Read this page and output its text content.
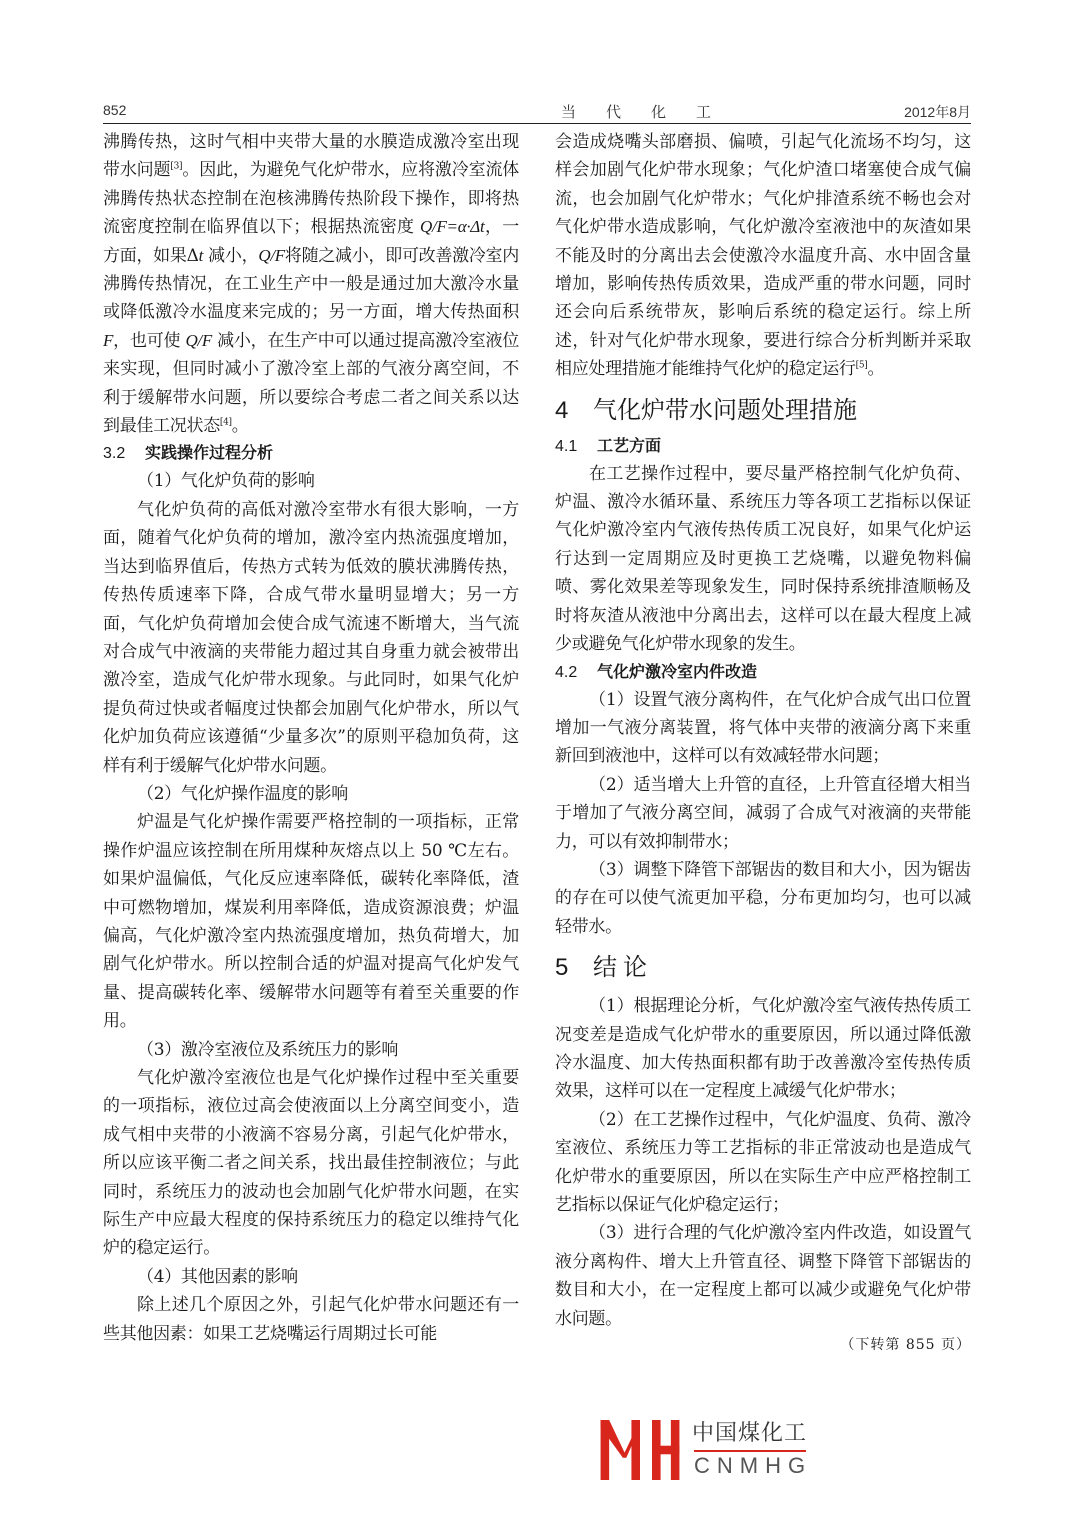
852	当代化工	2012年8月

沸腾传热，这时气相中夹带大量的水膜造成激冷室出现带水问题[3]。因此，为避免气化炉带水，应将激冷室流体沸腾传热状态控制在泡核沸腾传热阶段下操作，即将热流密度控制在临界值以下；根据热流密度 Q/F=α·Δt，一方面，如果Δt 减小，Q/F将随之减小，即可改善激冷室内沸腾传热情况，在工业生产中一般是通过加大激冷水量或降低激冷水温度来完成的；另一方面，增大传热面积 F，也可使 Q/F 减小，在生产中可以通过提高激冷室液位来实现，但同时减小了激冷室上部的气液分离空间，不利于缓解带水问题，所以要综合考虑二者之间关系以达到最佳工况状态[4]。

3.2 实践操作过程分析

（1）气化炉负荷的影响

气化炉负荷的高低对激冷室带水有很大影响，一方面，随着气化炉负荷的增加，激冷室内热流强度增加，当达到临界值后，传热方式转为低效的膜状沸腾传热，传热传质速率下降，合成气带水量明显增大；另一方面，气化炉负荷增加会使合成气流速不断增大，当气流对合成气中液滴的夹带能力超过其自身重力就会被带出激冷室，造成气化炉带水现象。与此同时，如果气化炉提负荷过快或者幅度过快都会加剧气化炉带水，所以气化炉加负荷应该遵循“少量多次”的原则平稳加负荷，这样有利于缓解气化炉带水问题。

（2）气化炉操作温度的影响

炉温是气化炉操作需要严格控制的一项指标，正常操作炉温应该控制在所用煤种灰熔点以上 50 ℃左右。如果炉温偏低，气化反应速率降低，碳转化率降低，渣中可燃物增加，煤炭利用率降低，造成资源浪费；炉温偏高，气化炉激冷室内热流强度增加，热负荷增大，加剧气化炉带水。所以控制合适的炉温对提高气化炉发气量、提高碳转化率、缓解带水问题等有着至关重要的作用。

（3）激冷室液位及系统压力的影响

气化炉激冷室液位也是气化炉操作过程中至关重要的一项指标，液位过高会使液面以上分离空间变小，造成气相中夹带的小液滴不容易分离，引起气化炉带水，所以应该平衡二者之间关系，找出最佳控制液位；与此同时，系统压力的波动也会加剧气化炉带水问题，在实际生产中应最大程度的保持系统压力的稳定以维持气化炉的稳定运行。

（4）其他因素的影响

除上述几个原因之外，引起气化炉带水问题还有一些其他因素：如果工艺烧嘴运行周期过长可能

会造成烧嘴头部磨损、偏喷，引起气化流场不均匀，这样会加剧气化炉带水现象；气化炉渣口堵塞使合成气偏流，也会加剧气化炉带水；气化炉排渣系统不畅也会对气化炉带水造成影响，气化炉激冷室液池中的灰渣如果不能及时的分离出去会使激冷水温度升高、水中固含量增加，影响传热传质效果，造成严重的带水问题，同时还会向后系统带灰，影响后系统的稳定运行。综上所述，针对气化炉带水现象，要进行综合分析判断并采取相应处理措施才能维持气化炉的稳定运行[5]。

4 气化炉带水问题处理措施
4.1 工艺方面

在工艺操作过程中，要尽量严格控制气化炉负荷、炉温、激冷水循环量、系统压力等各项工艺指标以保证气化炉激冷室内气液传热传质工况良好，如果气化炉运行达到一定周期应及时更换工艺烧嘴，以避免物料偏喷、雾化效果差等现象发生，同时保持系统排渣顺畅及时将灰渣从液池中分离出去，这样可以在最大程度上减少或避免气化炉带水现象的发生。

4.2 气化炉激冷室内件改造

（1）设置气液分离构件，在气化炉合成气出口位置增加一气液分离装置，将气体中夹带的液滴分离下来重新回到液池中，这样可以有效减轻带水问题；

（2）适当增大上升管的直径，上升管直径增大相当于增加了气液分离空间，减弱了合成气对液滴的夹带能力，可以有效抑制带水；

（3）调整下降管下部锯齿的数目和大小，因为锯齿的存在可以使气流更加平稳，分布更加均匀，也可以减轻带水。

5 结论

（1）根据理论分析，气化炉激冷室气液传热传质工况变差是造成气化炉带水的重要原因，所以通过降低激冷水温度、加大传热面积都有助于改善激冷室传热传质效果，这样可以在一定程度上减缓气化炉带水；

（2）在工艺操作过程中，气化炉温度、负荷、激冷室液位、系统压力等工艺指标的非正常波动也是造成气化炉带水的重要原因，所以在实际生产中应严格控制工艺指标以保证气化炉稳定运行；

（3）进行合理的气化炉激冷室内件改造，如设置气液分离构件、增大上升管直径、调整下降管下部锯齿的数目和大小，在一定程度上都可以减少或避免气化炉带水问题。

（下转第 855 页）
中国煤化工
CNMHG
